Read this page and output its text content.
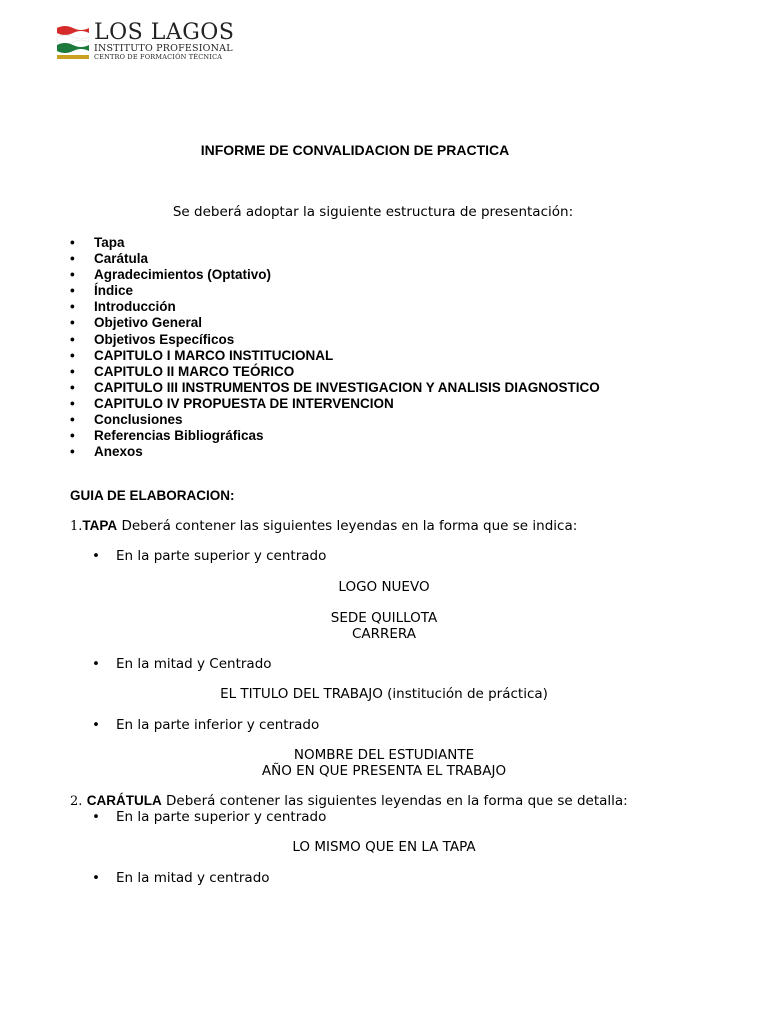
LOS LAGOS
INSTITUTO PROFESIONAL
CENTRO DE FORMACIÓN TÉCNICA
INFORME DE CONVALIDACION DE PRACTICA
Se deberá adoptar la siguiente estructura de presentación:
• Tapa
• Carátula
• Agradecimientos (Optativo)
• Índice
• Introducción
• Objetivo General
• Objetivos Específicos
• CAPITULO I MARCO INSTITUCIONAL
• CAPITULO II MARCO TEÓRICO
• CAPITULO III INSTRUMENTOS DE INVESTIGACION Y ANALISIS DIAGNOSTICO
• CAPITULO IV PROPUESTA DE INTERVENCION
• Conclusiones
• Referencias Bibliográficas
• Anexos
GUIA DE ELABORACION:
1.TAPA Deberá contener las siguientes leyendas en la forma que se indica:
• En la parte superior y centrado
LOGO NUEVO
SEDE QUILLOTA
CARRERA
• En la mitad y Centrado
EL TITULO DEL TRABAJO (institución de práctica)
• En la parte inferior y centrado
NOMBRE DEL ESTUDIANTE
AÑO EN QUE PRESENTA EL TRABAJO
2. CARÁTULA Deberá contener las siguientes leyendas en la forma que se detalla:
• En la parte superior y centrado
LO MISMO QUE EN LA TAPA
• En la mitad y centrado
